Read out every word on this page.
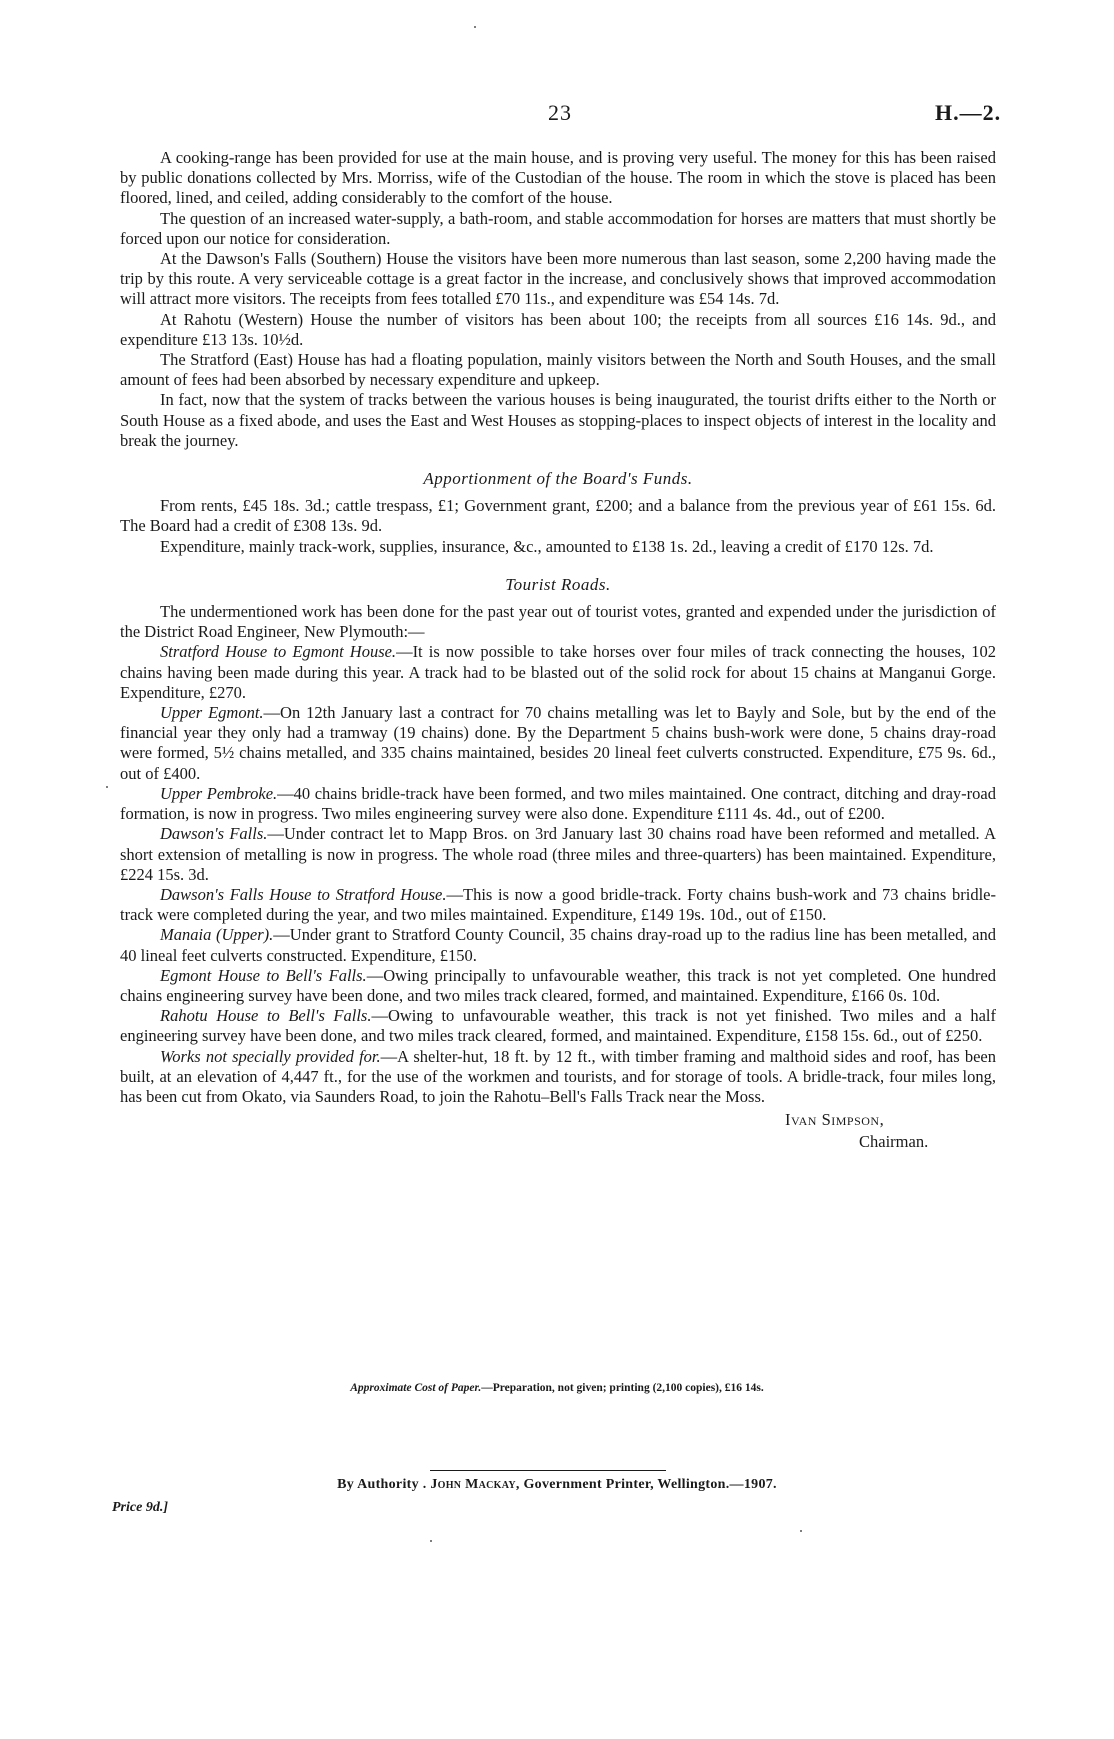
23	H.—2.

A cooking-range has been provided for use at the main house, and is proving very useful. The money for this has been raised by public donations collected by Mrs. Morriss, wife of the Custodian of the house. The room in which the stove is placed has been floored, lined, and ceiled, adding considerably to the comfort of the house.

The question of an increased water-supply, a bath-room, and stable accommodation for horses are matters that must shortly be forced upon our notice for consideration.

At the Dawson's Falls (Southern) House the visitors have been more numerous than last season, some 2,200 having made the trip by this route. A very serviceable cottage is a great factor in the increase, and conclusively shows that improved accommodation will attract more visitors. The receipts from fees totalled £70 11s., and expenditure was £54 14s. 7d.

At Rahotu (Western) House the number of visitors has been about 100; the receipts from all sources £16 14s. 9d., and expenditure £13 13s. 10½d.

The Stratford (East) House has had a floating population, mainly visitors between the North and South Houses, and the small amount of fees had been absorbed by necessary expenditure and upkeep.

In fact, now that the system of tracks between the various houses is being inaugurated, the tourist drifts either to the North or South House as a fixed abode, and uses the East and West Houses as stopping-places to inspect objects of interest in the locality and break the journey.

Apportionment of the Board's Funds.

From rents, £45 18s. 3d.; cattle trespass, £1; Government grant, £200; and a balance from the previous year of £61 15s. 6d. The Board had a credit of £308 13s. 9d.

Expenditure, mainly track-work, supplies, insurance, &c., amounted to £138 1s. 2d., leaving a credit of £170 12s. 7d.

Tourist Roads.

The undermentioned work has been done for the past year out of tourist votes, granted and expended under the jurisdiction of the District Road Engineer, New Plymouth:—

Stratford House to Egmont House.—It is now possible to take horses over four miles of track connecting the houses, 102 chains having been made during this year. A track had to be blasted out of the solid rock for about 15 chains at Manganui Gorge. Expenditure, £270.

Upper Egmont.—On 12th January last a contract for 70 chains metalling was let to Bayly and Sole, but by the end of the financial year they only had a tramway (19 chains) done. By the Department 5 chains bush-work were done, 5 chains dray-road were formed, 5½ chains metalled, and 335 chains maintained, besides 20 lineal feet culverts constructed. Expenditure, £75 9s. 6d., out of £400.

Upper Pembroke.—40 chains bridle-track have been formed, and two miles maintained. One contract, ditching and dray-road formation, is now in progress. Two miles engineering survey were also done. Expenditure £111 4s. 4d., out of £200.

Dawson's Falls.—Under contract let to Mapp Bros. on 3rd January last 30 chains road have been reformed and metalled. A short extension of metalling is now in progress. The whole road (three miles and three-quarters) has been maintained. Expenditure, £224 15s. 3d.

Dawson's Falls House to Stratford House.—This is now a good bridle-track. Forty chains bush-work and 73 chains bridle-track were completed during the year, and two miles maintained. Expenditure, £149 19s. 10d., out of £150.

Manaia (Upper).—Under grant to Stratford County Council, 35 chains dray-road up to the radius line has been metalled, and 40 lineal feet culverts constructed. Expenditure, £150.

Egmont House to Bell's Falls.—Owing principally to unfavourable weather, this track is not yet completed. One hundred chains engineering survey have been done, and two miles track cleared, formed, and maintained. Expenditure, £166 0s. 10d.

Rahotu House to Bell's Falls.—Owing to unfavourable weather, this track is not yet finished. Two miles and a half engineering survey have been done, and two miles track cleared, formed, and maintained. Expenditure, £158 15s. 6d., out of £250.

Works not specially provided for.—A shelter-hut, 18 ft. by 12 ft., with timber framing and malthoid sides and roof, has been built, at an elevation of 4,447 ft., for the use of the workmen and tourists, and for storage of tools. A bridle-track, four miles long, has been cut from Okato, via Saunders Road, to join the Rahotu–Bell's Falls Track near the Moss.

Ivan Simpson,
Chairman.
Approximate Cost of Paper.—Preparation, not given; printing (2,100 copies), £16 14s.
By Authority . John Mackay, Government Printer, Wellington.—1907.
Price 9d.]
